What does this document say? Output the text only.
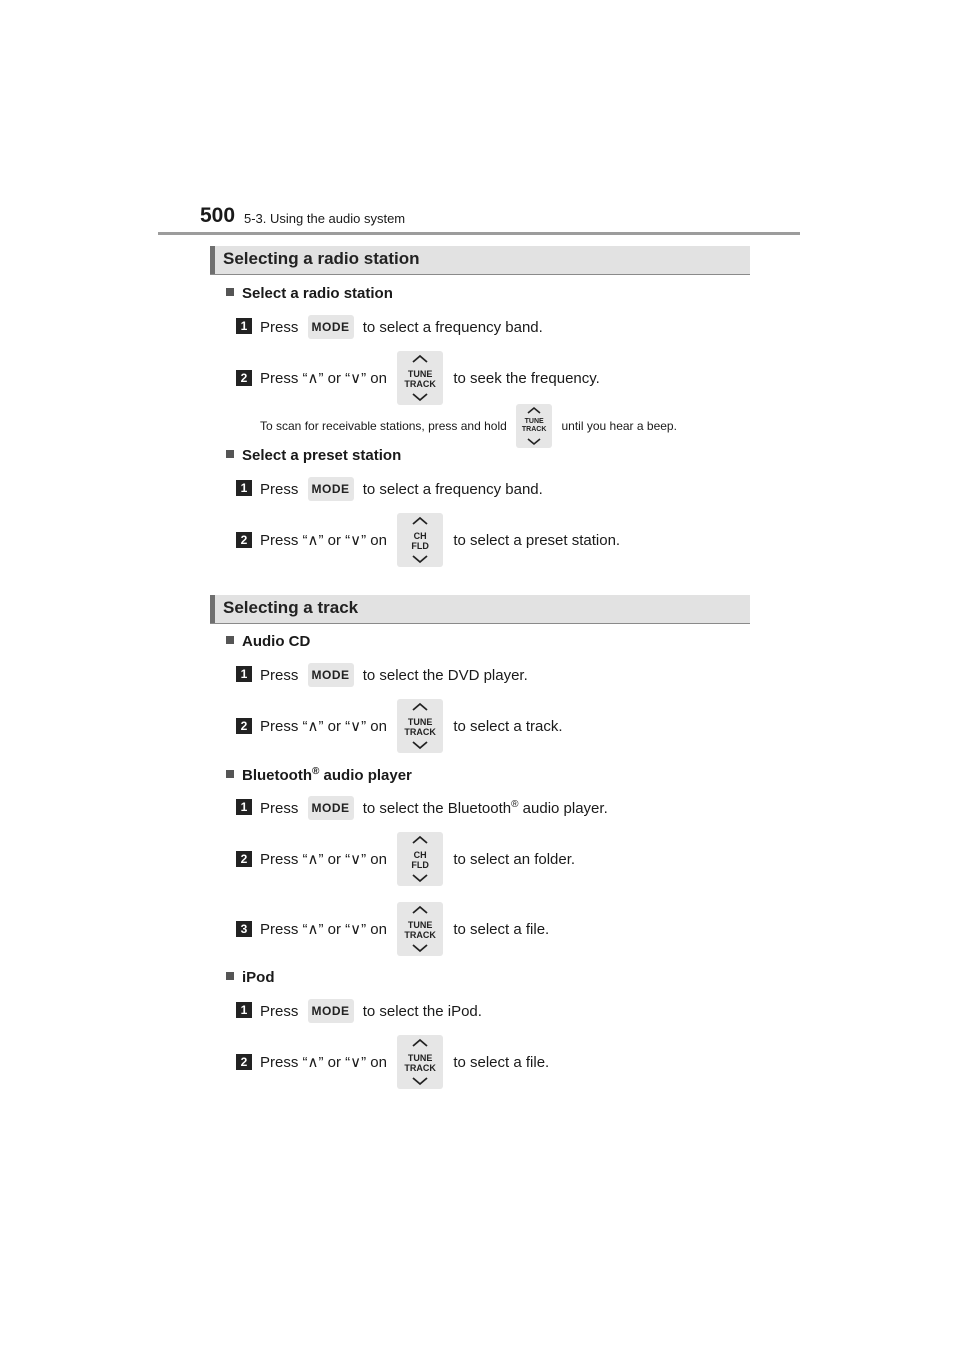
500 5-3. Using the audio system
Selecting a radio station
Select a radio station
1 Press MODE to select a frequency band.
2 Press “∧” or “∨” on	TUNE
TRACK	to seek the frequency.
To scan for receivable stations, press and hold	TUNE
TRACK	until you hear a beep.
Select a preset station
1 Press MODE to select a frequency band.
2 Press “∧” or “∨” on	CH
FLD	to select a preset station.
Selecting a track
Audio CD
1 Press MODE to select the DVD player.
2 Press “∧” or “∨” on	TUNE
TRACK	to select a track.
Bluetooth® audio player
1 Press MODE to select the Bluetooth® audio player.
2 Press “∧” or “∨” on	CH
FLD	to select an folder.
3 Press “∧” or “∨” on	TUNE
TRACK	to select a file.
iPod
1 Press MODE to select the iPod.
2 Press “∧” or “∨” on	TUNE
TRACK	to select a file.
